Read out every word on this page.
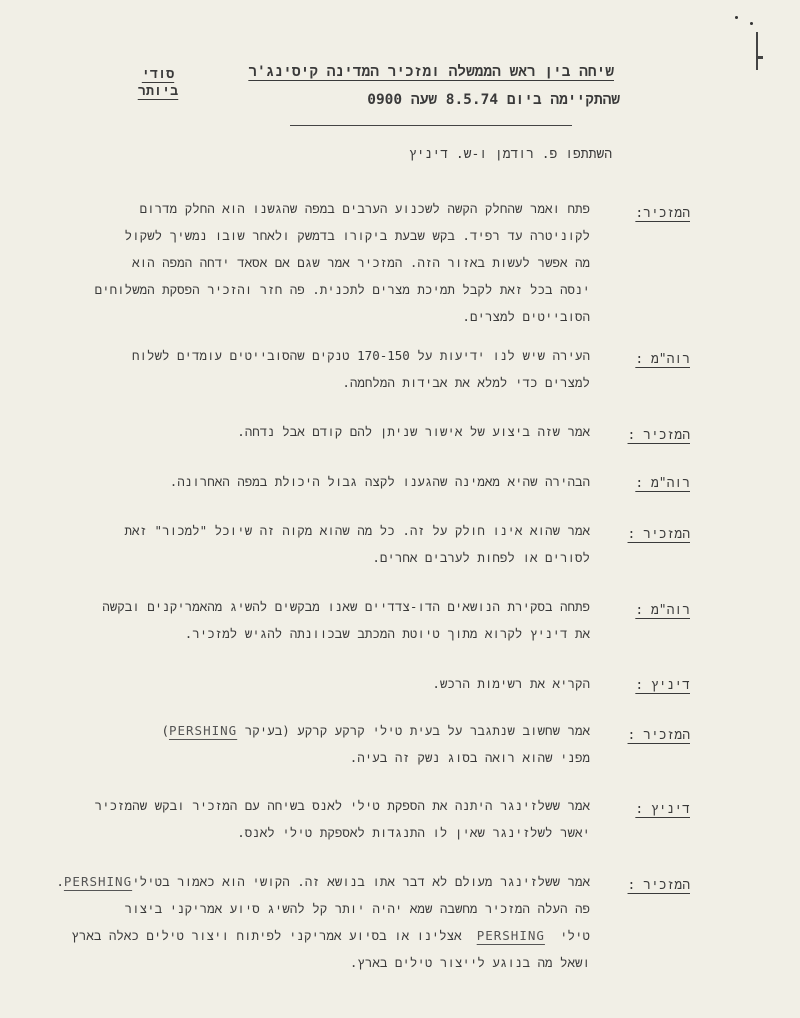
סודי ביותר
שיחה בין ראש הממשלה ומזכיר המדינה קיסינג'ר
שהתקיימה ביום 8.5.74 שעה 0900
השתתפו פ. רודמן ו-ש. דיניץ
המזכיר:
פתח ואמר שהחלק הקשה לשכנוע הערבים במפה שהגשנו הוא החלק מדרום
לקוניטרה עד רפיד. בקש שבעת ביקורו בדמשק ולאחר שובו נמשיך לשקול
מה אפשר לעשות באזור הזה. המזכיר אמר שגם אם אסאד ידחה המפה הוא
ינסה בכל זאת לקבל תמיכת מצרים לתכנית. פה חזר והזכיר הפסקת המשלוחים
הסובייטים למצרים.
רוה"מ :
העירה שיש לנו ידיעות על 170-150 טנקים שהסובייטים עומדים לשלוח
למצרים כדי למלא את אבידות המלחמה.
המזכיר :
אמר שזה ביצוע של אישור שניתן להם קודם אבל נדחה.
רוה"מ :
הבהירה שהיא מאמינה שהגענו לקצה גבול היכולת במפה האחרונה.
המזכיר :
אמר שהוא אינו חולק על זה. כל מה שהוא מקוה זה שיוכל "למכור" זאת
לסורים או לפחות לערבים אחרים.
רוה"מ :
פתחה בסקירת הנושאים הדו-צדדיים שאנו מבקשים להשיג מהאמריקנים ובקשה
את דיניץ לקרוא מתוך טיוטת המכתב שבכוונתה להגיש למזכיר.
דיניץ :
הקריא את רשימות הרכש.
המזכיר :
אמר שחשוב שנתגבר על בעית טילי קרקע קרקע (בעיקר PERSHING)
מפני שהוא רואה בסוג נשק זה בעיה.
דיניץ :
אמר ששלזינגר היתנה את הספקת טילי לאנס בשיחה עם המזכיר ובקש שהמזכיר
יאשר לשלזינגר שאין לו התנגדות לאספקת טילי לאנס.
המזכיר :
אמר ששלזינגר מעולם לא דבר אתו בנושא זה. הקושי הוא כאמור בטיליPERSHING.
פה העלה המזכיר מחשבה שמא יהיה יותר קל להשיג סיוע אמריקני ביצור
טילי  PERSHING  אצלינו או בסיוע אמריקני לפיתוח ויצור טילים כאלה בארץ
ושאל מה בנוגע לייצור טילים בארץ.
